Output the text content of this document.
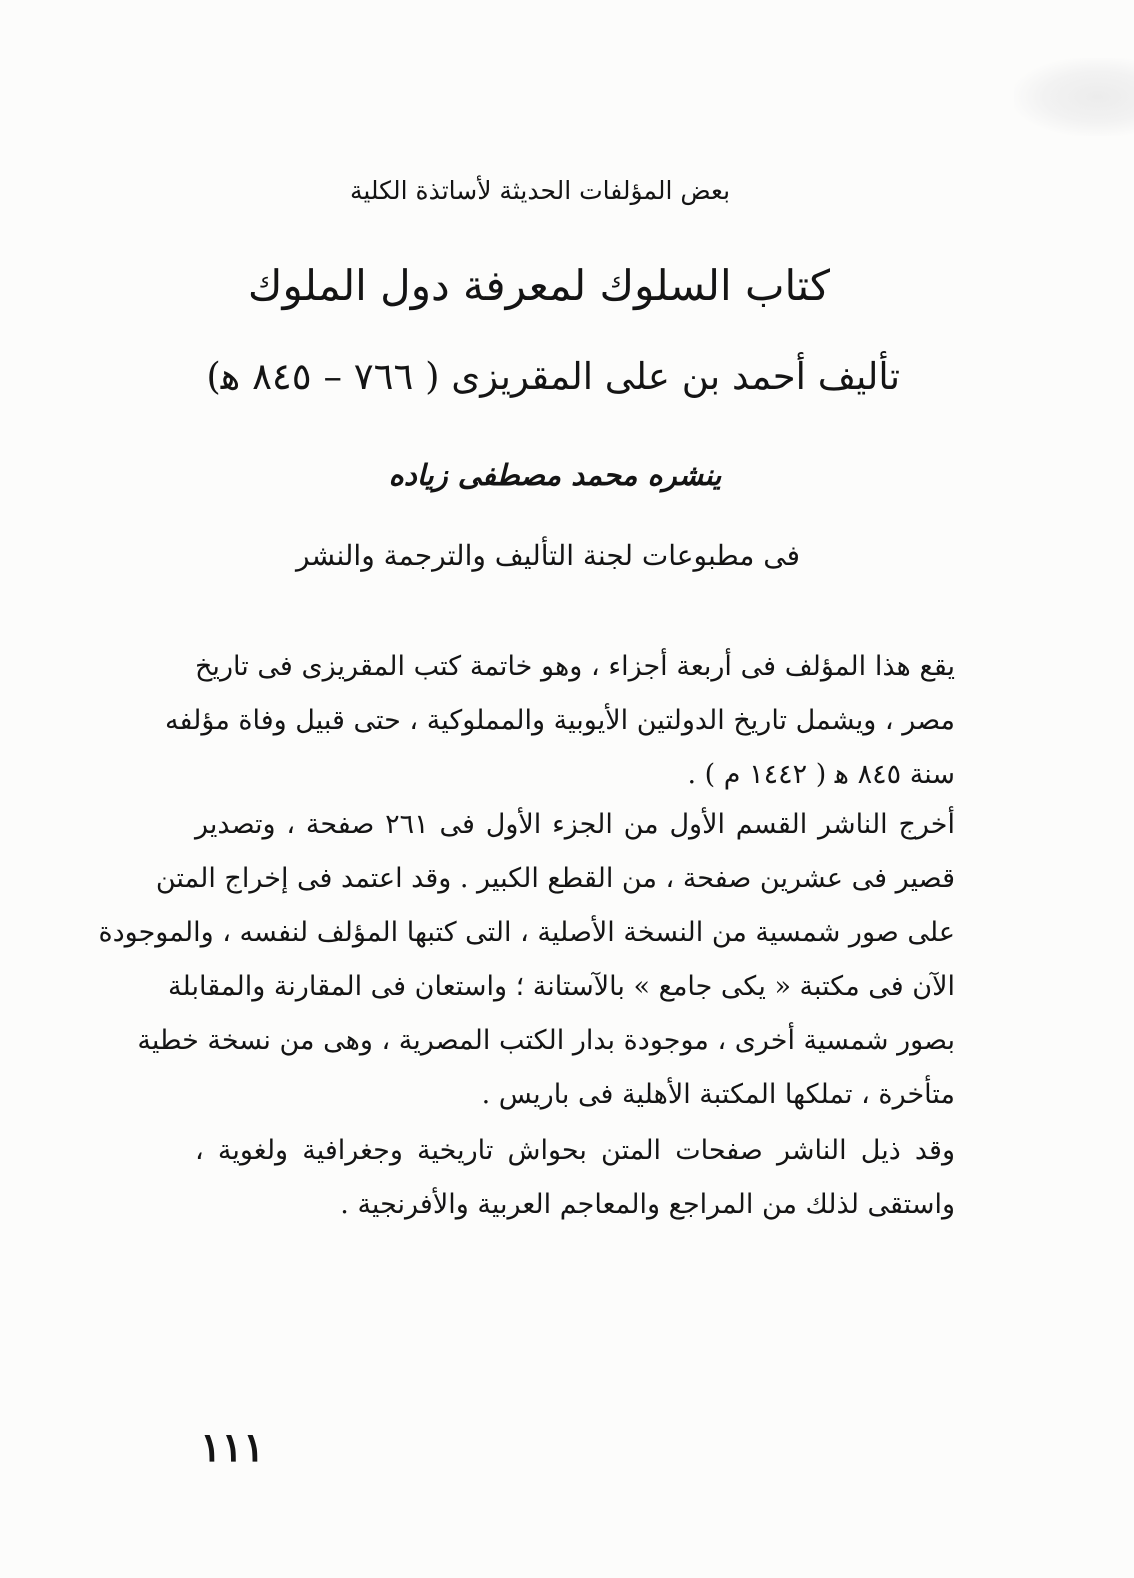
بعض المؤلفات الحديثة لأساتذة الكلية
كتاب السلوك لمعرفة دول الملوك
تأليف أحمد بن على المقريزى ( ٧٦٦ – ٨٤٥ ﻫ)
ينشره محمد مصطفى زياده
فى مطبوعات لجنة التأليف والترجمة والنشر
يقع هذا المؤلف فى أربعة أجزاء ، وهو خاتمة كتب المقريزى فى تاريخ
مصر ، ويشمل تاريخ الدولتين الأيوبية والمملوكية ، حتى قبيل وفاة مؤلفه
سنة ٨٤٥ ﻫ ( ١٤٤٢ م ) .
أخرج الناشر القسم الأول من الجزء الأول فى ٢٦١ صفحة ، وتصدير
قصير فى عشرين صفحة ، من القطع الكبير . وقد اعتمد فى إخراج المتن
على صور شمسية من النسخة الأصلية ، التى كتبها المؤلف لنفسه ، والموجودة
الآن فى مكتبة « يكى جامع » بالآستانة ؛ واستعان فى المقارنة والمقابلة
بصور شمسية أخرى ، موجودة بدار الكتب المصرية ، وهى من نسخة خطية
متأخرة ، تملكها المكتبة الأهلية فى باريس .
وقد ذيل الناشر صفحات المتن بحواش تاريخية وجغرافية ولغوية ،
واستقى لذلك من المراجع والمعاجم العربية والأفرنجية .
١١١
